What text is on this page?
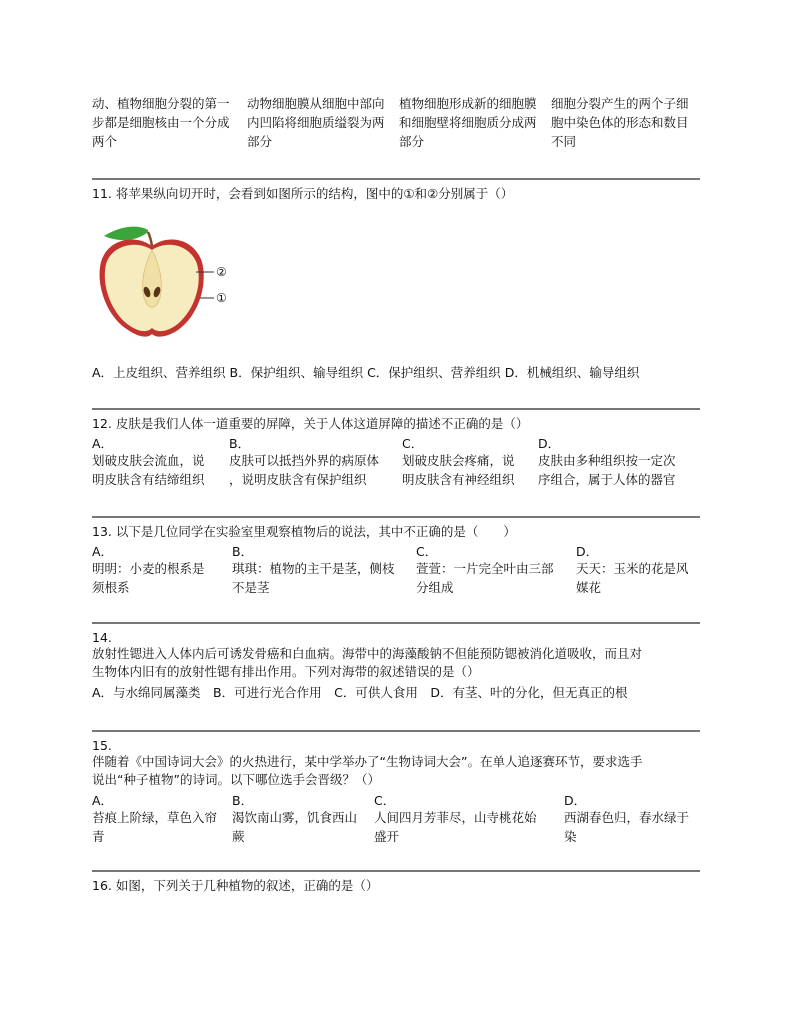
动、植物细胞分裂的第一
步都是细胞核由一个分成
两个
动物细胞膜从细胞中部向
内凹陷将细胞质缢裂为两
部分
植物细胞形成新的细胞膜
和细胞壁将细胞质分成两
部分
细胞分裂产生的两个子细
胞中染色体的形态和数目
不同
11. 将苹果纵向切开时，会看到如图所示的结构，图中的①和②分别属于（）
②
①
A．上皮组织、营养组织 B．保护组织、输导组织 C．保护组织、营养组织 D．机械组织、输导组织
12. 皮肤是我们人体一道重要的屏障，关于人体这道屏障的描述不正确的是（）
A．
划破皮肤会流血，说
明皮肤含有结缔组织
B．
皮肤可以抵挡外界的病原体
，说明皮肤含有保护组织
C．
划破皮肤会疼痛，说
明皮肤含有神经组织
D．
皮肤由多种组织按一定次
序组合，属于人体的器官
13. 以下是几位同学在实验室里观察植物后的说法，其中不正确的是（　　）
A．
明明：小麦的根系是
须根系
B．
琪琪：植物的主干是茎，侧枝
不是茎
C．
萱萱：一片完全叶由三部
分组成
D．
天天：玉米的花是风
媒花
14.
放射性锶进入人体内后可诱发骨癌和白血病。海带中的海藻酸钠不但能预防锶被消化道吸收，而且对
生物体内旧有的放射性锶有排出作用。下列对海带的叙述错误的是（）
A．与水绵同属藻类　B．可进行光合作用　C．可供人食用　D．有茎、叶的分化，但无真正的根
15.
伴随着《中国诗词大会》的火热进行，某中学举办了“生物诗词大会”。在单人追逐赛环节，要求选手
说出“种子植物”的诗词。以下哪位选手会晋级？（）
A．
苔痕上阶绿，草色入帘
青
B．
渴饮南山雾，饥食西山
蕨
C．
人间四月芳菲尽，山寺桃花始
盛开
D．
西湖春色归，春水绿于
染
16. 如图，下列关于几种植物的叙述，正确的是（）
